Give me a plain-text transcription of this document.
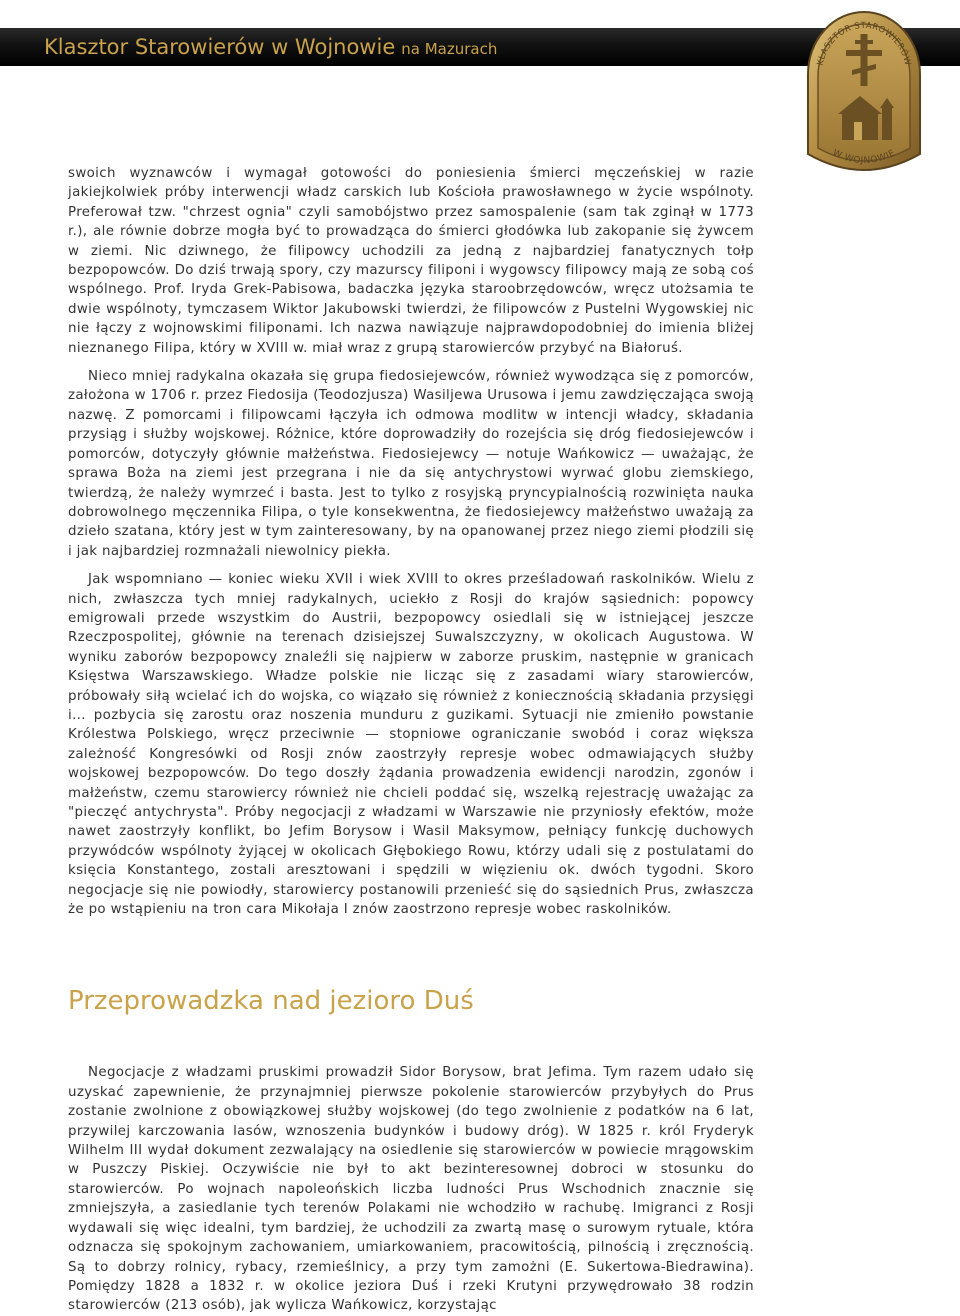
Klasztor Starowierów w Wojnowie na Mazurach
KLASZTOR STAROWIERÓW
W WOJNOWIE

swoich wyznawców i wymagał gotowości do poniesienia śmierci męczeńskiej w razie jakiejkolwiek próby interwencji władz carskich lub Kościoła prawosławnego w życie wspólnoty. Preferował tzw. "chrzest ognia" czyli samobójstwo przez samospalenie (sam tak zginął w 1773 r.), ale równie dobrze mogła być to prowadząca do śmierci głodówka lub zakopanie się żywcem w ziemi. Nic dziwnego, że filipowcy uchodzili za jedną z najbardziej fanatycznych tołp bezpopowców. Do dziś trwają spory, czy mazurscy filiponi i wygowscy filipowcy mają ze sobą coś wspólnego. Prof. Iryda Grek-Pabisowa, badaczka języka staroobrzędowców, wręcz utożsamia te dwie wspólnoty, tymczasem Wiktor Jakubowski twierdzi, że filipowców z Pustelni Wygowskiej nic nie łączy z wojnowskimi filiponami. Ich nazwa nawiązuje najprawdopodobniej do imienia bliżej nieznanego Filipa, który w XVIII w. miał wraz z grupą starowierców przybyć na Białoruś.

Nieco mniej radykalna okazała się grupa fiedosiejewców, również wywodząca się z pomorców, założona w 1706 r. przez Fiedosija (Teodozjusza) Wasiljewa Urusowa i jemu zawdzięczająca swoją nazwę. Z pomorcami i filipowcami łączyła ich odmowa modlitw w intencji władcy, składania przysiąg i służby wojskowej. Różnice, które doprowadziły do rozejścia się dróg fiedosiejewców i pomorców, dotyczyły głównie małżeństwa. Fiedosiejewcy — notuje Wańkowicz — uważając, że sprawa Boża na ziemi jest przegrana i nie da się antychrystowi wyrwać globu ziemskiego, twierdzą, że należy wymrzeć i basta. Jest to tylko z rosyjską pryncypialnością rozwinięta nauka dobrowolnego męczennika Filipa, o tyle konsekwentna, że fiedosiejewcy małżeństwo uważają za dzieło szatana, który jest w tym zainteresowany, by na opanowanej przez niego ziemi płodzili się i jak najbardziej rozmnażali niewolnicy piekła.

Jak wspomniano — koniec wieku XVII i wiek XVIII to okres prześladowań raskolników. Wielu z nich, zwłaszcza tych mniej radykalnych, uciekło z Rosji do krajów sąsiednich: popowcy emigrowali przede wszystkim do Austrii, bezpopowcy osiedlali się w istniejącej jeszcze Rzeczpospolitej, głównie na terenach dzisiejszej Suwalszczyzny, w okolicach Augustowa. W wyniku zaborów bezpopowcy znaleźli się najpierw w zaborze pruskim, następnie w granicach Księstwa Warszawskiego. Władze polskie nie licząc się z zasadami wiary starowierców, próbowały siłą wcielać ich do wojska, co wiązało się również z koniecznością składania przysięgi i... pozbycia się zarostu oraz noszenia munduru z guzikami. Sytuacji nie zmieniło powstanie Królestwa Polskiego, wręcz przeciwnie — stopniowe ograniczanie swobód i coraz większa zależność Kongresówki od Rosji znów zaostrzyły represje wobec odmawiających służby wojskowej bezpopowców. Do tego doszły żądania prowadzenia ewidencji narodzin, zgonów i małżeństw, czemu starowiercy również nie chcieli poddać się, wszelką rejestrację uważając za "pieczęć antychrysta". Próby negocjacji z władzami w Warszawie nie przyniosły efektów, może nawet zaostrzyły konflikt, bo Jefim Borysow i Wasil Maksymow, pełniący funkcję duchowych przywódców wspólnoty żyjącej w okolicach Głębokiego Rowu, którzy udali się z postulatami do księcia Konstantego, zostali aresztowani i spędzili w więzieniu ok. dwóch tygodni. Skoro negocjacje się nie powiodły, starowiercy postanowili przenieść się do sąsiednich Prus, zwłaszcza że po wstąpieniu na tron cara Mikołaja I znów zaostrzono represje wobec raskolników.

Przeprowadzka nad jezioro Duś

Negocjacje z władzami pruskimi prowadził Sidor Borysow, brat Jefima. Tym razem udało się uzyskać zapewnienie, że przynajmniej pierwsze pokolenie starowierców przybyłych do Prus zostanie zwolnione z obowiązkowej służby wojskowej (do tego zwolnienie z podatków na 6 lat, przywilej karczowania lasów, wznoszenia budynków i budowy dróg). W 1825 r. król Fryderyk Wilhelm III wydał dokument zezwalający na osiedlenie się starowierców w powiecie mrągowskim w Puszczy Piskiej. Oczywiście nie był to akt bezinteresownej dobroci w stosunku do starowierców. Po wojnach napoleońskich liczba ludności Prus Wschodnich znacznie się zmniejszyła, a zasiedlanie tych terenów Polakami nie wchodziło w rachubę. Imigranci z Rosji wydawali się więc idealni, tym bardziej, że uchodzili za zwartą masę o surowym rytuale, która odznacza się spokojnym zachowaniem, umiarkowaniem, pracowitością, pilnością i zręcznością. Są to dobrzy rolnicy, rybacy, rzemieślnicy, a przy tym zamożni (E. Sukertowa-Biedrawina). Pomiędzy 1828 a 1832 r. w okolice jeziora Duś i rzeki Krutyni przywędrowało 38 rodzin starowierców (213 osób), jak wylicza Wańkowicz, korzystając
